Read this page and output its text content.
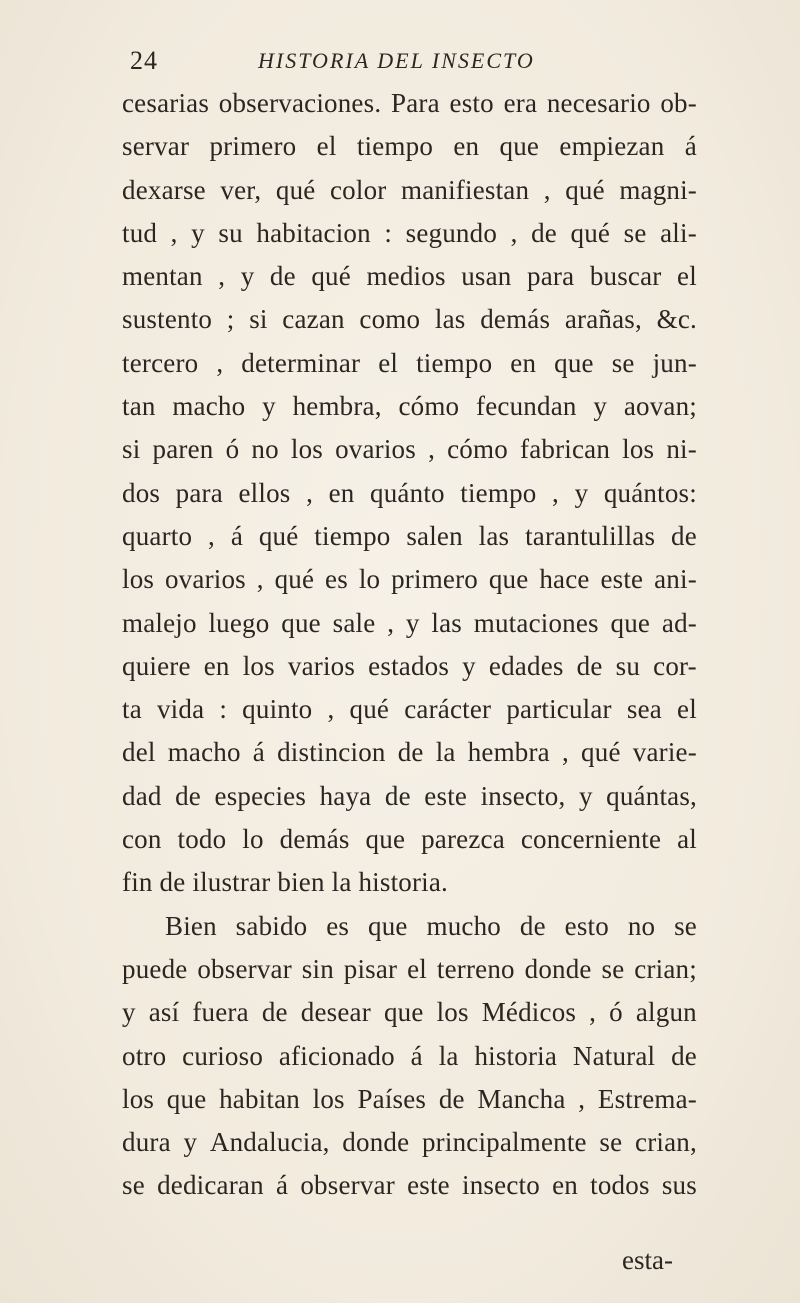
24	HISTORIA DEL INSECTO
cesarias observaciones. Para esto era necesario ob-
servar primero el tiempo en que empiezan á
dexarse ver, qué color manifiestan , qué magni-
tud , y su habitacion : segundo , de qué se ali-
mentan , y de qué medios usan para buscar el
sustento ; si cazan como las demás arañas, &c.
tercero , determinar el tiempo en que se jun-
tan macho y hembra, cómo fecundan y aovan;
si paren ó no los ovarios , cómo fabrican los ni-
dos para ellos , en quánto tiempo , y quántos:
quarto , á qué tiempo salen las tarantulillas de
los ovarios , qué es lo primero que hace este ani-
malejo luego que sale , y las mutaciones que ad-
quiere en los varios estados y edades de su cor-
ta vida : quinto , qué carácter particular sea el
del macho á distincion de la hembra , qué varie-
dad de especies haya de este insecto, y quántas,
con todo lo demás que parezca concerniente al
fin de ilustrar bien la historia.
Bien sabido es que mucho de esto no se
puede observar sin pisar el terreno donde se crian;
y así fuera de desear que los Médicos , ó algun
otro curioso aficionado á la historia Natural de
los que habitan los Países de Mancha , Estrema-
dura y Andalucia, donde principalmente se crian,
se dedicaran á observar este insecto en todos sus
esta-
